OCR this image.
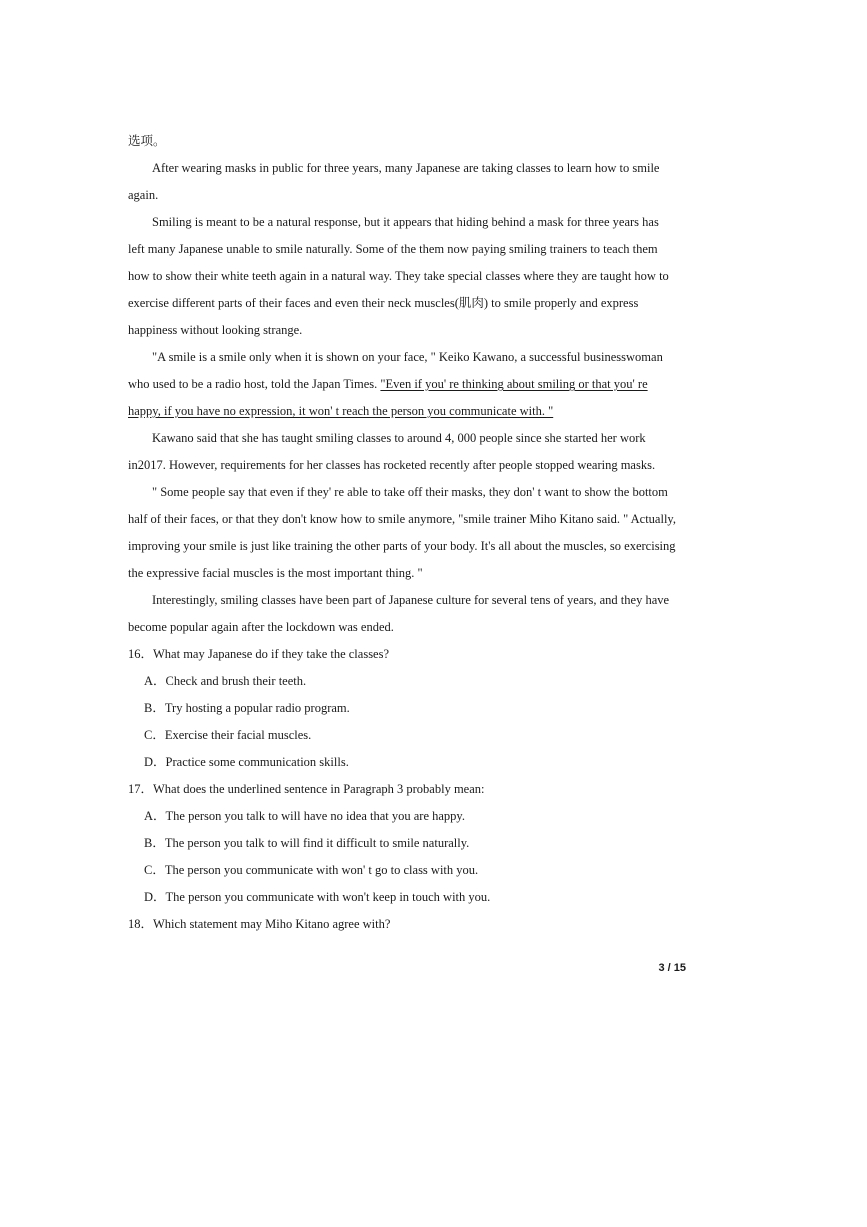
选项。

After wearing masks in public for three years, many Japanese are taking classes to learn how to smile
again.

Smiling is meant to be a natural response, but it appears that hiding behind a mask for three years has
left many Japanese unable to smile naturally. Some of the them now paying smiling trainers to teach them
how to show their white teeth again in a natural way. They take special classes where they are taught how to
exercise different parts of their faces and even their neck muscles(肌肉) to smile properly and express
happiness without looking strange.

"A smile is a smile only when it is shown on your face, " Keiko Kawano, a successful businesswoman
who used to be a radio host, told the Japan Times. "Even if you' re thinking about smiling or that you' re
happy, if you have no expression, it won' t reach the person you communicate with. "

Kawano said that she has taught smiling classes to around 4, 000 people since she started her work
in2017. However, requirements for her classes has rocketed recently after people stopped wearing masks.

" Some people say that even if they' re able to take off their masks, they don' t want to show the bottom
half of their faces, or that they don't know how to smile anymore, "smile trainer Miho Kitano said. " Actually,
improving your smile is just like training the other parts of your body. It's all about the muscles, so exercising
the expressive facial muscles is the most important thing. "

Interestingly, smiling classes have been part of Japanese culture for several tens of years, and they have
become popular again after the lockdown was ended.

16．What may Japanese do if they take the classes?

A．Check and brush their teeth.

B．Try hosting a popular radio program.

C．Exercise their facial muscles.

D．Practice some communication skills.

17．What does the underlined sentence in Paragraph 3 probably mean:

A．The person you talk to will have no idea that you are happy.

B．The person you talk to will find it difficult to smile naturally.

C．The person you communicate with won' t go to class with you.

D．The person you communicate with won't keep in touch with you.

18．Which statement may Miho Kitano agree with?

3 / 15
